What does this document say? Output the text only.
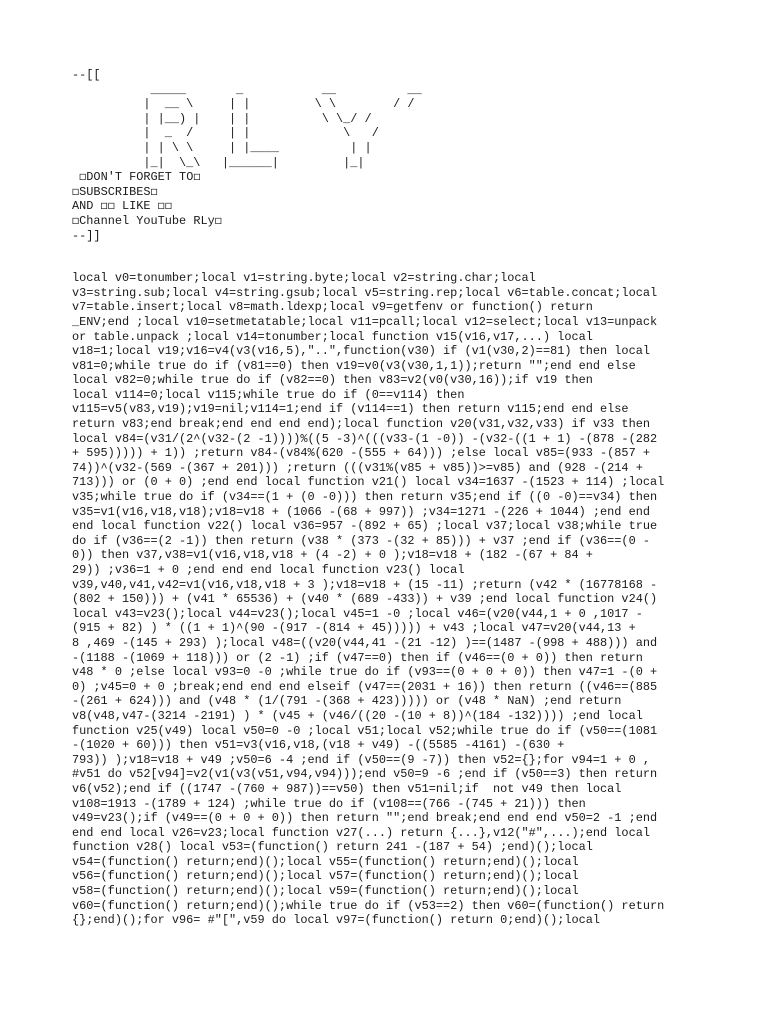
--[[
_____       _           __          __
|  __ \     | |         \ \        / /
| |__) |    | |          \ \_/ /
|  _  /     | |             \   /
| | \ \     | |____          | |
|_|  \_\   |______|         |_|
◻DON'T FORGET TO◻
◻SUBSCRIBES◻
AND ◻◻ LIKE ◻◻
◻Channel YouTube RLy◻
--]]
local v0=tonumber;local v1=string.byte;local v2=string.char;local
v3=string.sub;local v4=string.gsub;local v5=string.rep;local v6=table.concat;local
v7=table.insert;local v8=math.ldexp;local v9=getfenv or function() return
_ENV;end ;local v10=setmetatable;local v11=pcall;local v12=select;local v13=unpack
or table.unpack ;local v14=tonumber;local function v15(v16,v17,...) local
v18=1;local v19;v16=v4(v3(v16,5),"..",function(v30) if (v1(v30,2)==81) then local
v81=0;while true do if (v81==0) then v19=v0(v3(v30,1,1));return "";end end else
local v82=0;while true do if (v82==0) then v83=v2(v0(v30,16));if v19 then
local v114=0;local v115;while true do if (0==v114) then
v115=v5(v83,v19);v19=nil;v114=1;end if (v114==1) then return v115;end end else
return v83;end break;end end end end);local function v20(v31,v32,v33) if v33 then
local v84=(v31/(2^(v32-(2 -1))))%((5 -3)^(((v33-(1 -0)) -(v32-((1 + 1) -(878 -(282
+ 595))))) + 1)) ;return v84-(v84%(620 -(555 + 64))) ;else local v85=(933 -(857 +
74))^(v32-(569 -(367 + 201))) ;return (((v31%(v85 + v85))>=v85) and (928 -(214 +
713))) or (0 + 0) ;end end local function v21() local v34=1637 -(1523 + 114) ;local
v35;while true do if (v34==(1 + (0 -0))) then return v35;end if ((0 -0)==v34) then
v35=v1(v16,v18,v18);v18=v18 + (1066 -(68 + 997)) ;v34=1271 -(226 + 1044) ;end end
end local function v22() local v36=957 -(892 + 65) ;local v37;local v38;while true
do if (v36==(2 -1)) then return (v38 * (373 -(32 + 85))) + v37 ;end if (v36==(0 -
0)) then v37,v38=v1(v16,v18,v18 + (4 -2) + 0 );v18=v18 + (182 -(67 + 84 +
29)) ;v36=1 + 0 ;end end end local function v23() local
v39,v40,v41,v42=v1(v16,v18,v18 + 3 );v18=v18 + (15 -11) ;return (v42 * (16778168 -
(802 + 150))) + (v41 * 65536) + (v40 * (689 -433)) + v39 ;end local function v24()
local v43=v23();local v44=v23();local v45=1 -0 ;local v46=(v20(v44,1 + 0 ,1017 -
(915 + 82) ) * ((1 + 1)^(90 -(917 -(814 + 45))))) + v43 ;local v47=v20(v44,13 +
8 ,469 -(145 + 293) );local v48=((v20(v44,41 -(21 -12) )==(1487 -(998 + 488))) and
-(1188 -(1069 + 118))) or (2 -1) ;if (v47==0) then if (v46==(0 + 0)) then return
v48 * 0 ;else local v93=0 -0 ;while true do if (v93==(0 + 0 + 0)) then v47=1 -(0 +
0) ;v45=0 + 0 ;break;end end end elseif (v47==(2031 + 16)) then return ((v46==(885
-(261 + 624))) and (v48 * (1/(791 -(368 + 423))))) or (v48 * NaN) ;end return
v8(v48,v47-(3214 -2191) ) * (v45 + (v46/((20 -(10 + 8))^(184 -132)))) ;end local
function v25(v49) local v50=0 -0 ;local v51;local v52;while true do if (v50==(1081
-(1020 + 60))) then v51=v3(v16,v18,(v18 + v49) -((5585 -4161) -(630 +
793)) );v18=v18 + v49 ;v50=6 -4 ;end if (v50==(9 -7)) then v52={};for v94=1 + 0 ,
#v51 do v52[v94]=v2(v1(v3(v51,v94,v94)));end v50=9 -6 ;end if (v50==3) then return
v6(v52);end if ((1747 -(760 + 987))==v50) then v51=nil;if  not v49 then local
v108=1913 -(1789 + 124) ;while true do if (v108==(766 -(745 + 21))) then
v49=v23();if (v49==(0 + 0 + 0)) then return "";end break;end end end v50=2 -1 ;end
end end local v26=v23;local function v27(...) return {...},v12("#",...);end local
function v28() local v53=(function() return 241 -(187 + 54) ;end)();local
v54=(function() return;end)();local v55=(function() return;end)();local
v56=(function() return;end)();local v57=(function() return;end)();local
v58=(function() return;end)();local v59=(function() return;end)();local
v60=(function() return;end)();while true do if (v53==2) then v60=(function() return
{};end)();for v96= #"[",v59 do local v97=(function() return 0;end)();local
